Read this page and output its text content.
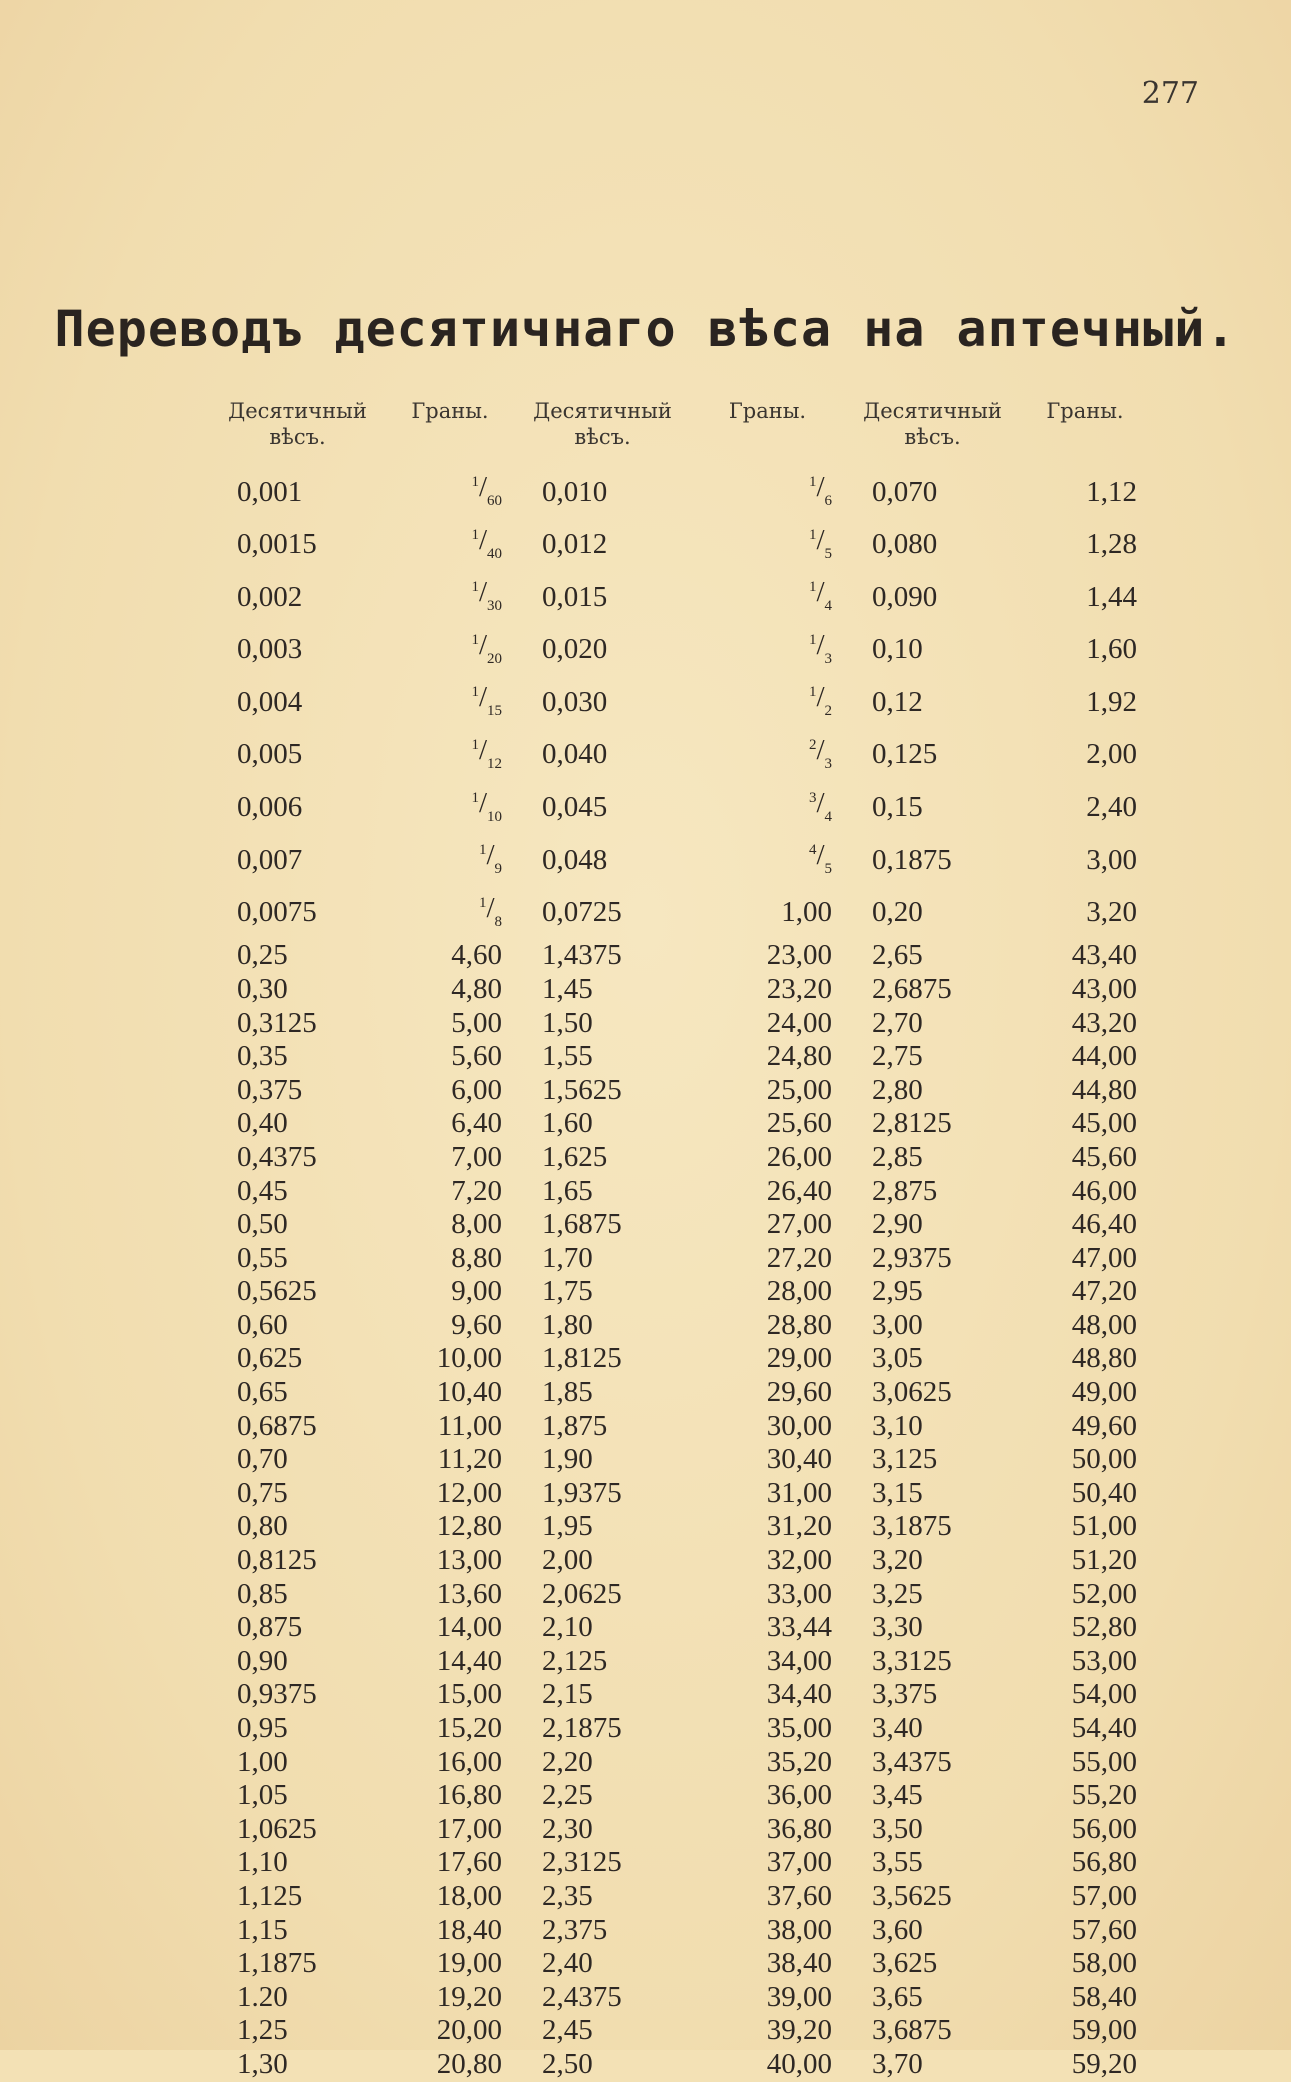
277
Переводъ десятичнаго вѣса на аптечный.
Десятичный вѣсъ.	Граны.	Десятичный вѣсъ.	Граны.	Десятичный вѣсъ.	Граны.
0,001	$^1/_{60}$	0,010	$^1/_6$	0,070	1,12
0,0015	$^1/_{40}$	0,012	$^1/_5$	0,080	1,28
0,002	$^1/_{30}$	0,015	$^1/_4$	0,090	1,44
0,003	$^1/_{20}$	0,020	$^1/_3$	0,10	1,60
0,004	$^1/_{15}$	0,030	$^1/_2$	0,12	1,92
0,005	$^1/_{12}$	0,040	$^2/_3$	0,125	2,00
0,006	$^1/_{10}$	0,045	$^3/_4$	0,15	2,40
0,007	$^1/_9$	0,048	$^4/_5$	0,1875	3,00
0,0075	$^1/_8$	0,0725	1,00	0,20	3,20
0,25	4,60	1,4375	23,00	2,65	43,40
0,30	4,80	1,45	23,20	2,6875	43,00
0,3125	5,00	1,50	24,00	2,70	43,20
0,35	5,60	1,55	24,80	2,75	44,00
0,375	6,00	1,5625	25,00	2,80	44,80
0,40	6,40	1,60	25,60	2,8125	45,00
0,4375	7,00	1,625	26,00	2,85	45,60
0,45	7,20	1,65	26,40	2,875	46,00
0,50	8,00	1,6875	27,00	2,90	46,40
0,55	8,80	1,70	27,20	2,9375	47,00
0,5625	9,00	1,75	28,00	2,95	47,20
0,60	9,60	1,80	28,80	3,00	48,00
0,625	10,00	1,8125	29,00	3,05	48,80
0,65	10,40	1,85	29,60	3,0625	49,00
0,6875	11,00	1,875	30,00	3,10	49,60
0,70	11,20	1,90	30,40	3,125	50,00
0,75	12,00	1,9375	31,00	3,15	50,40
0,80	12,80	1,95	31,20	3,1875	51,00
0,8125	13,00	2,00	32,00	3,20	51,20
0,85	13,60	2,0625	33,00	3,25	52,00
0,875	14,00	2,10	33,44	3,30	52,80
0,90	14,40	2,125	34,00	3,3125	53,00
0,9375	15,00	2,15	34,40	3,375	54,00
0,95	15,20	2,1875	35,00	3,40	54,40
1,00	16,00	2,20	35,20	3,4375	55,00
1,05	16,80	2,25	36,00	3,45	55,20
1,0625	17,00	2,30	36,80	3,50	56,00
1,10	17,60	2,3125	37,00	3,55	56,80
1,125	18,00	2,35	37,60	3,5625	57,00
1,15	18,40	2,375	38,00	3,60	57,60
1,1875	19,00	2,40	38,40	3,625	58,00
1.20	19,20	2,4375	39,00	3,65	58,40
1,25	20,00	2,45	39,20	3,6875	59,00
1,30	20,80	2,50	40,00	3,70	59,20
